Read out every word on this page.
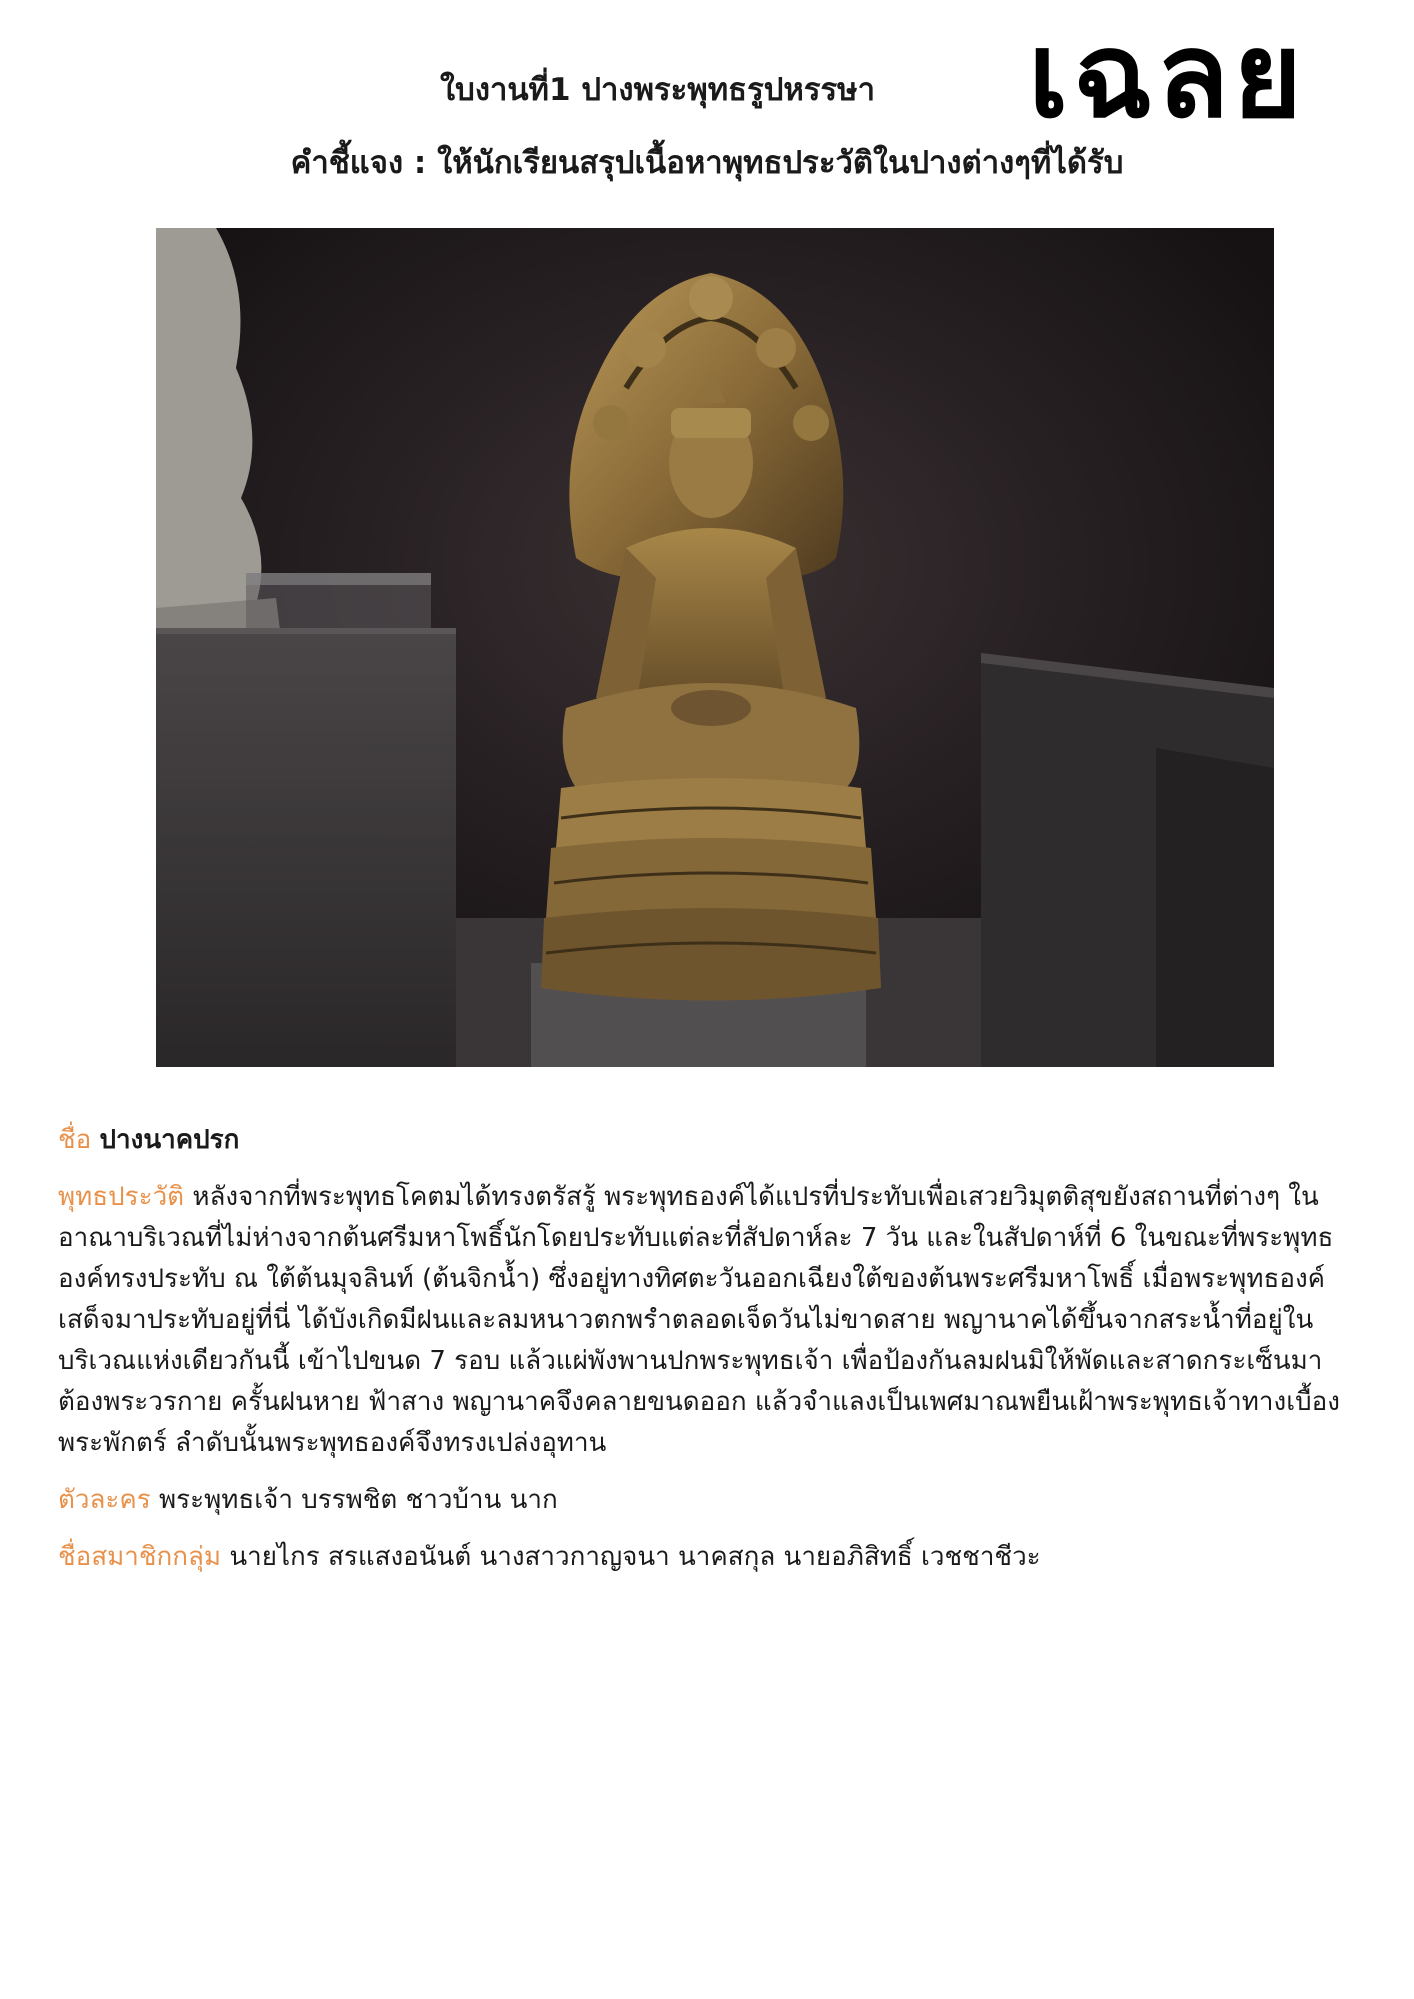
เฉลย
ใบงานที่1 ปางพระพุทธรูปหรรษา
คำชี้แจง : ให้นักเรียนสรุปเนื้อหาพุทธประวัติในปางต่างๆที่ได้รับ

ชื่อ ปางนาคปรก

พุทธประวัติ หลังจากที่พระพุทธโคตมได้ทรงตรัสรู้ พระพุทธองค์ได้แปรที่ประทับเพื่อเสวยวิมุตติสุขยังสถานที่ต่างๆ ในอาณาบริเวณที่ไม่ห่างจากต้นศรีมหาโพธิ์นักโดยประทับแต่ละที่สัปดาห์ละ 7 วัน และในสัปดาห์ที่ 6 ในขณะที่พระพุทธองค์ทรงประทับ ณ ใต้ต้นมุจลินท์ (ต้นจิกน้ำ) ซึ่งอยู่ทางทิศตะวันออกเฉียงใต้ของต้นพระศรีมหาโพธิ์ เมื่อพระพุทธองค์เสด็จมาประทับอยู่ที่นี่ ได้บังเกิดมีฝนและลมหนาวตกพรำตลอดเจ็ดวันไม่ขาดสาย พญานาคได้ขึ้นจากสระน้ำที่อยู่ในบริเวณแห่งเดียวกันนี้ เข้าไปขนด 7 รอบ แล้วแผ่พังพานปกพระพุทธเจ้า เพื่อป้องกันลมฝนมิให้พัดและสาดกระเซ็นมาต้องพระวรกาย ครั้นฝนหาย ฟ้าสาง พญานาคจึงคลายขนดออก แล้วจำแลงเป็นเพศมาณพยืนเฝ้าพระพุทธเจ้าทางเบื้องพระพักตร์ ลำดับนั้นพระพุทธองค์จึงทรงเปล่งอุทาน

ตัวละคร พระพุทธเจ้า บรรพชิต ชาวบ้าน นาก

ชื่อสมาชิกกลุ่ม นายไกร สรแสงอนันต์ นางสาวกาญจนา นาคสกุล นายอภิสิทธิ์ เวชชาชีวะ
